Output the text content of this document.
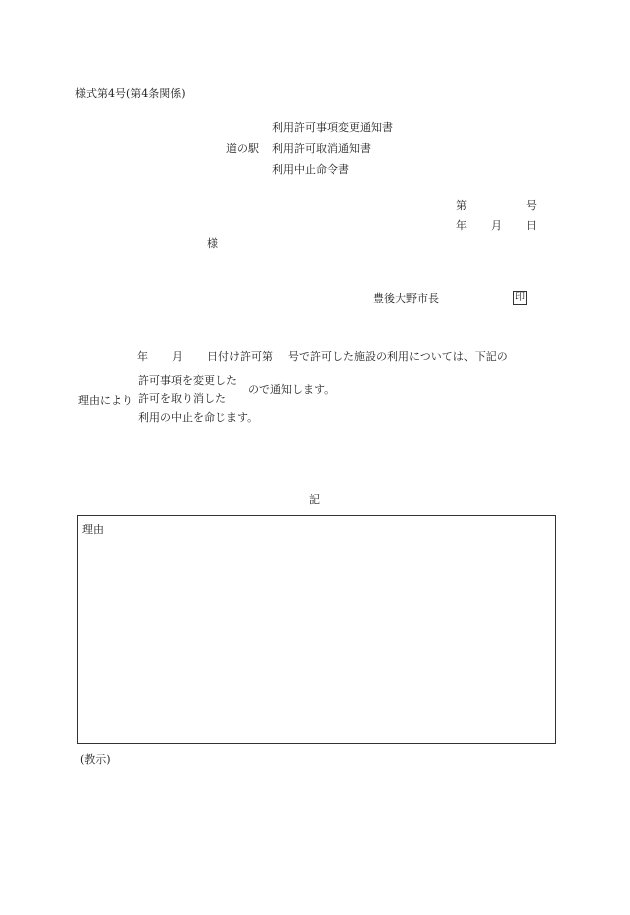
様式第4号(第4条関係)
道の駅
利用許可事項変更通知書
利用許可取消通知書
利用中止命令書
第	号
年 月 日
様
豊後大野市長	印
年 月 日付け許可第 号で許可した施設の利用については、下記の
許可事項を変更した
理由により 許可を取り消した
ので通知します。
利用の中止を命じます。
記
理由
(教示)
